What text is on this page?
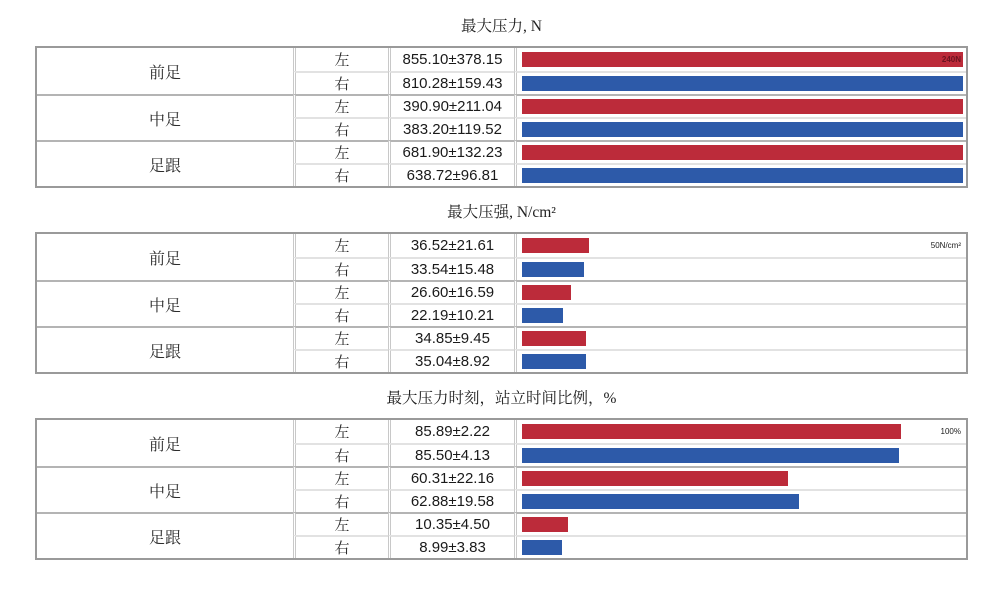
最大压力, N
前足
左	855.10±378.15	240N
右	810.28±159.43
中足
左	390.90±211.04
右	383.20±119.52
足跟
左	681.90±132.23
右	638.72±96.81
最大压强, N/cm²
前足
左	36.52±21.61	50N/cm²
右	33.54±15.48
中足
左	26.60±16.59
右	22.19±10.21
足跟
左	34.85±9.45
右	35.04±8.92
最大压力时刻，站立时间比例，%
前足
左	85.89±2.22	100%
右	85.50±4.13
中足
左	60.31±22.16
右	62.88±19.58
足跟
左	10.35±4.50
右	8.99±3.83
